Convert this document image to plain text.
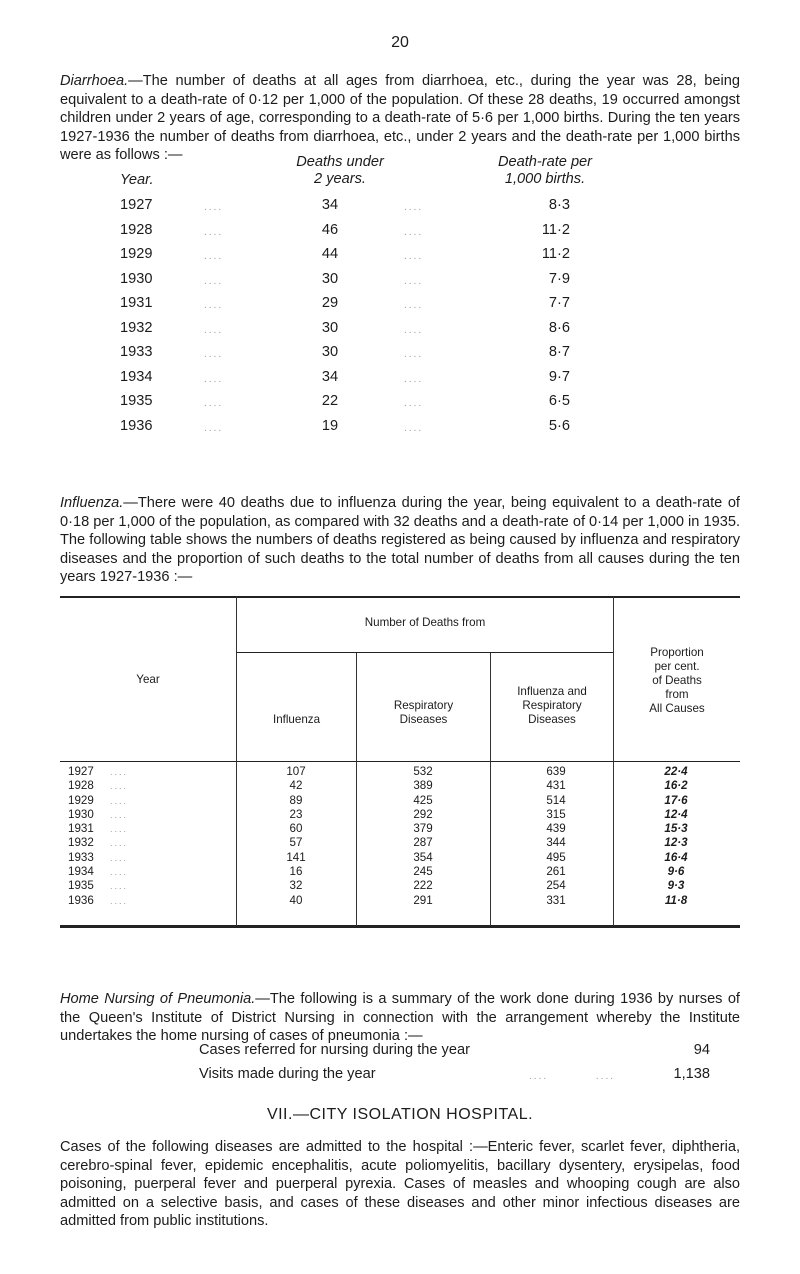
20

Diarrhoea.—The number of deaths at all ages from diarrhoea, etc., during the year was 28, being equivalent to a death-rate of 0·12 per 1,000 of the population. Of these 28 deaths, 19 occurred amongst children under 2 years of age, corresponding to a death-rate of 5·6 per 1,000 births. During the ten years 1927-1936 the number of deaths from diarrhoea, etc., under 2 years and the death-rate per 1,000 births were as follows :—

Year.
Deaths under
2 years.
Death-rate per
1,000 births.
1927	....	34	....	8·3
1928	....	46	....	11·2
1929	....	44	....	11·2
1930	....	30	....	7·9
1931	....	29	....	7·7
1932	....	30	....	8·6
1933	....	30	....	8·7
1934	....	34	....	9·7
1935	....	22	....	6·5
1936	....	19	....	5·6

Influenza.—There were 40 deaths due to influenza during the year, being equivalent to a death-rate of 0·18 per 1,000 of the population, as compared with 32 deaths and a death-rate of 0·14 per 1,000 in 1935. The following table shows the numbers of deaths registered as being caused by influenza and respiratory diseases and the proportion of such deaths to the total number of deaths from all causes during the ten years 1927-1936 :—

Year
Number of Deaths from
Influenza
Respiratory
Diseases
Influenza and
Respiratory
Diseases
Proportion
per cent.
of Deaths
from
All Causes
1927	....	107	532	639	22·4
1928	....	42	389	431	16·2
1929	....	89	425	514	17·6
1930	....	23	292	315	12·4
1931	....	60	379	439	15·3
1932	....	57	287	344	12·3
1933	....	141	354	495	16·4
1934	....	16	245	261	9·6
1935	....	32	222	254	9·3
1936	....	40	291	331	11·8

Home Nursing of Pneumonia.—The following is a summary of the work done during 1936 by nurses of the Queen's Institute of District Nursing in connection with the arrangement whereby the Institute undertakes the home nursing of cases of pneumonia :—

Cases referred for nursing during the year	94
Visits made during the year	....          ....	1,138
VII.—CITY ISOLATION HOSPITAL.

Cases of the following diseases are admitted to the hospital :—Enteric fever, scarlet fever, diphtheria, cerebro-spinal fever, epidemic encephalitis, acute poliomyelitis, bacillary dysentery, erysipelas, food poisoning, puerperal fever and puerperal pyrexia. Cases of measles and whooping cough are also admitted on a selective basis, and cases of these diseases and other minor infectious diseases are admitted from public institutions.
